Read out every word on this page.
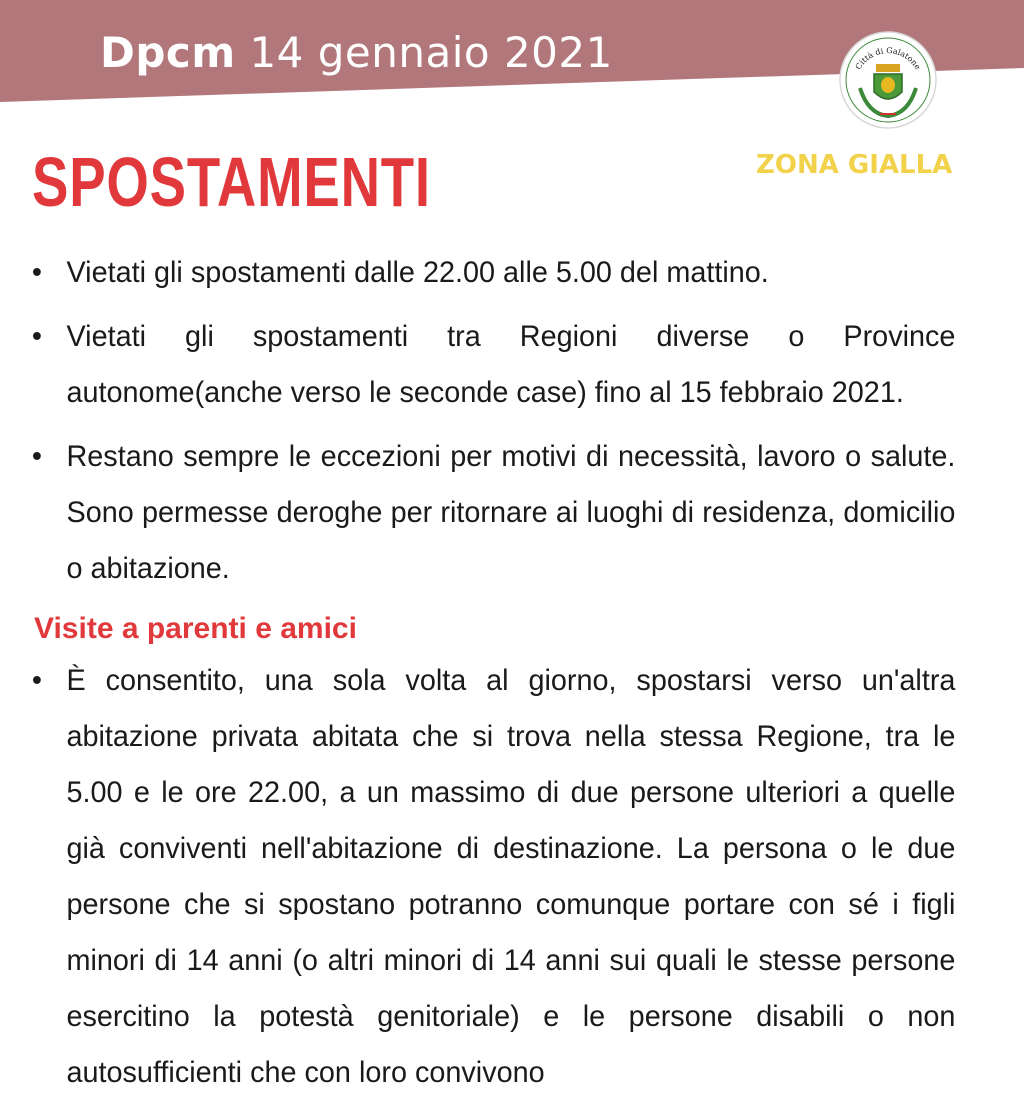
Dpcm 14 gennaio 2021	Città di Galatone
ZONA GIALLA
SPOSTAMENTI
• Vietati gli spostamenti dalle 22.00 alle 5.00 del mattino.
• Vietati gli spostamenti tra Regioni diverse o Province autonome(anche verso le seconde case) fino al 15 febbraio 2021.
• Restano sempre le eccezioni per motivi di necessità, lavoro o salute. Sono permesse deroghe per ritornare ai luoghi di residenza, domicilio o abitazione.
Visite a parenti e amici
• È consentito, una sola volta al giorno, spostarsi verso un'altra abitazione privata abitata che si trova nella stessa Regione, tra le 5.00 e le ore 22.00, a un massimo di due persone ulteriori a quelle già conviventi nell'abitazione di destinazione. La persona o le due persone che si spostano potranno comunque portare con sé i figli minori di 14 anni (o altri minori di 14 anni sui quali le stesse persone esercitino la potestà genitoriale) e le persone disabili o non autosufficienti che con loro convivono
